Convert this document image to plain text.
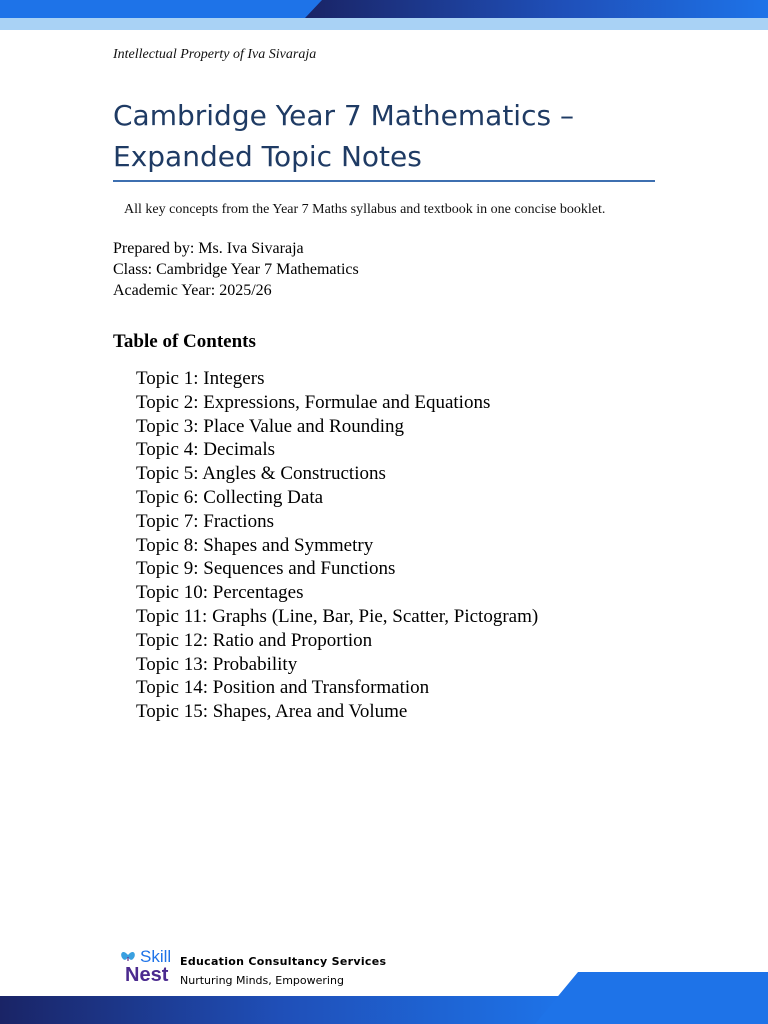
Intellectual Property of Iva Sivaraja
Cambridge Year 7 Mathematics – Expanded Topic Notes
All key concepts from the Year 7 Maths syllabus and textbook in one concise booklet.
Prepared by: Ms. Iva Sivaraja
Class: Cambridge Year 7 Mathematics
Academic Year: 2025/26
Table of Contents
Topic 1: Integers
Topic 2: Expressions, Formulae and Equations
Topic 3: Place Value and Rounding
Topic 4: Decimals
Topic 5: Angles & Constructions
Topic 6: Collecting Data
Topic 7: Fractions
Topic 8: Shapes and Symmetry
Topic 9: Sequences and Functions
Topic 10: Percentages
Topic 11: Graphs (Line, Bar, Pie, Scatter, Pictogram)
Topic 12: Ratio and Proportion
Topic 13: Probability
Topic 14: Position and Transformation
Topic 15: Shapes, Area and Volume
Skill
Nest
Education Consultancy Services
Nurturing Minds, Empowering
